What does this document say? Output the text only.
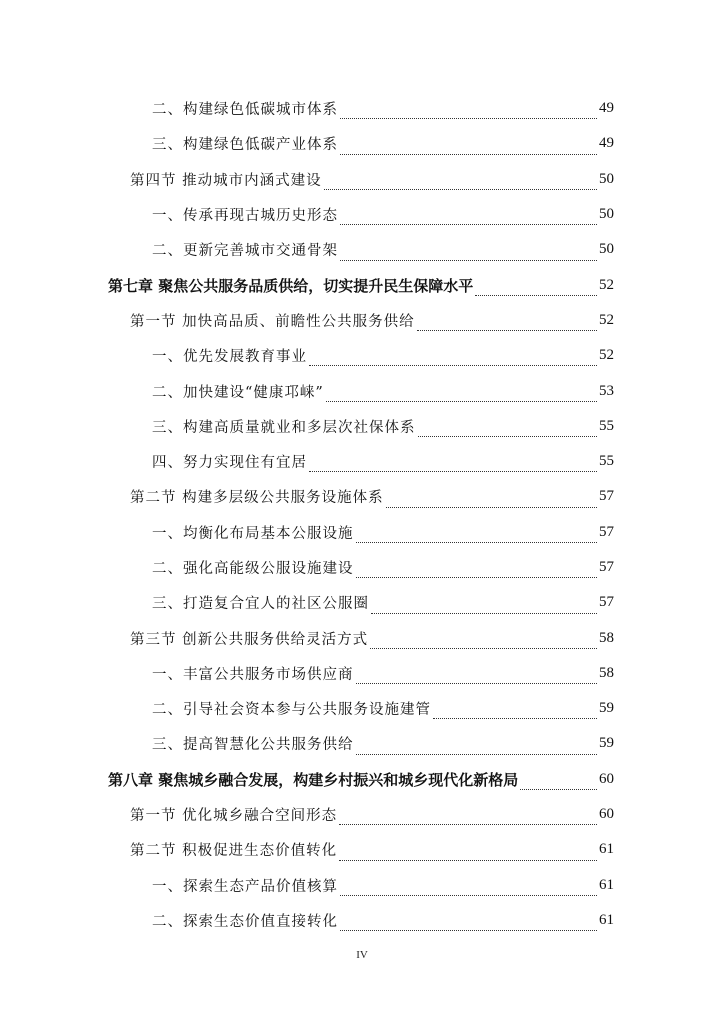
二、构建绿色低碳城市体系	49
三、构建绿色低碳产业体系	49
第四节 推动城市内涵式建设	50
一、传承再现古城历史形态	50
二、更新完善城市交通骨架	50
第七章 聚焦公共服务品质供给，切实提升民生保障水平	52
第一节 加快高品质、前瞻性公共服务供给	52
一、优先发展教育事业	52
二、加快建设“健康邛崃”	53
三、构建高质量就业和多层次社保体系	55
四、努力实现住有宜居	55
第二节 构建多层级公共服务设施体系	57
一、均衡化布局基本公服设施	57
二、强化高能级公服设施建设	57
三、打造复合宜人的社区公服圈	57
第三节 创新公共服务供给灵活方式	58
一、丰富公共服务市场供应商	58
二、引导社会资本参与公共服务设施建管	59
三、提高智慧化公共服务供给	59
第八章 聚焦城乡融合发展，构建乡村振兴和城乡现代化新格局	60
第一节 优化城乡融合空间形态	60
第二节 积极促进生态价值转化	61
一、探索生态产品价值核算	61
二、探索生态价值直接转化	61
IV
